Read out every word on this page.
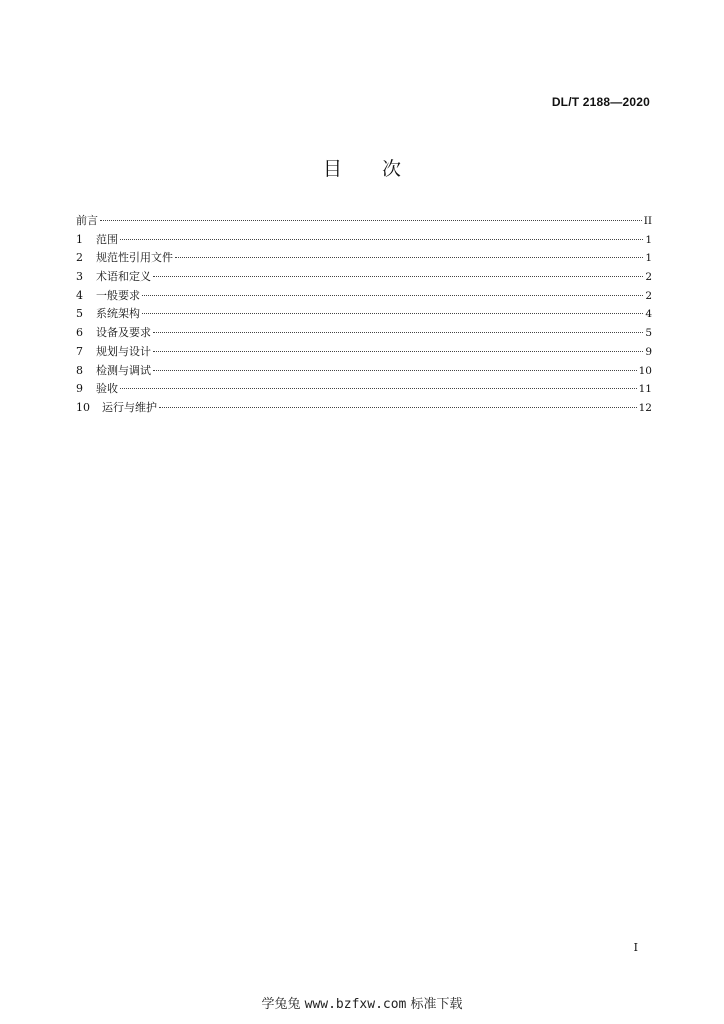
DL/T 2188—2020
目次
前言	II
1	范围	1
2	规范性引用文件	1
3	术语和定义	2
4	一般要求	2
5	系统架构	4
6	设备及要求	5
7	规划与设计	9
8	检测与调试	10
9	验收	11
10	运行与维护	12
I
学兔兔 www.bzfxw.com 标准下载
